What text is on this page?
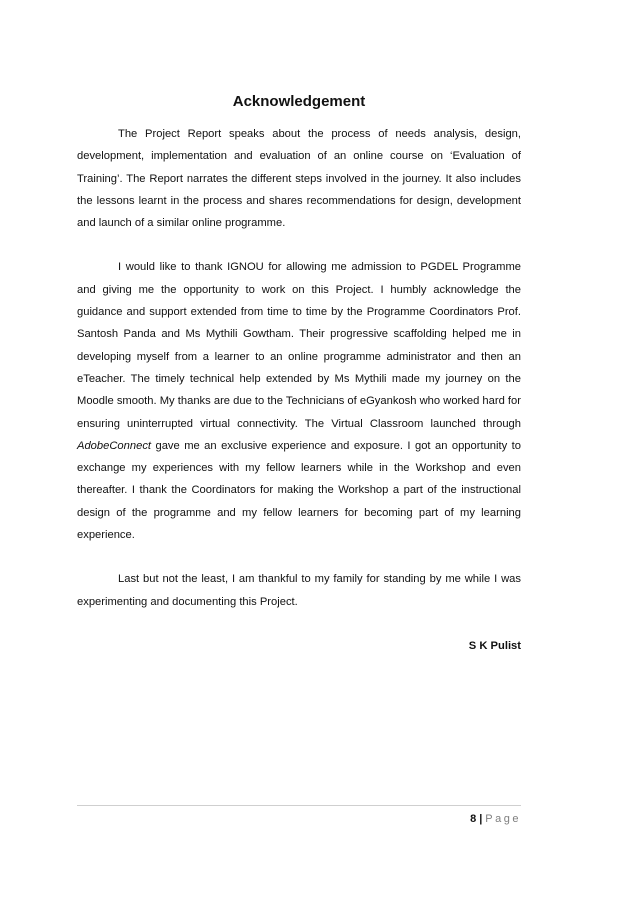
Acknowledgement

The Project Report speaks about the process of needs analysis, design, development, implementation and evaluation of an online course on ‘Evaluation of Training’. The Report narrates the different steps involved in the journey. It also includes the lessons learnt in the process and shares recommendations for design, development and launch of a similar online programme.

I would like to thank IGNOU for allowing me admission to PGDEL Programme and giving me the opportunity to work on this Project. I humbly acknowledge the guidance and support extended from time to time by the Programme Coordinators Prof. Santosh Panda and Ms Mythili Gowtham. Their progressive scaffolding helped me in developing myself from a learner to an online programme administrator and then an eTeacher. The timely technical help extended by Ms Mythili made my journey on the Moodle smooth. My thanks are due to the Technicians of eGyankosh who worked hard for ensuring uninterrupted virtual connectivity. The Virtual Classroom launched through AdobeConnect gave me an exclusive experience and exposure. I got an opportunity to exchange my experiences with my fellow learners while in the Workshop and even thereafter. I thank the Coordinators for making the Workshop a part of the instructional design of the programme and my fellow learners for becoming part of my learning experience.

Last but not the least, I am thankful to my family for standing by me while I was experimenting and documenting this Project.

S K Pulist

8 | Page
